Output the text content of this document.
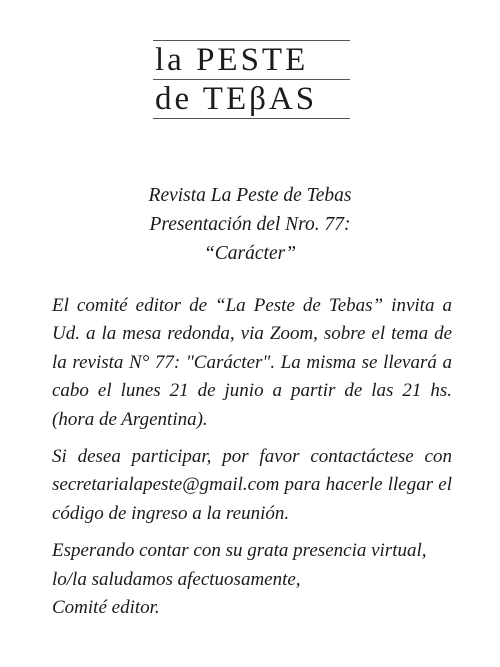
la PESTE
de TEβAS
Revista La Peste de Tebas
Presentación del Nro. 77:
“Carácter”

El comité editor de “La Peste de Tebas” invita a Ud. a la mesa redonda, via Zoom, sobre el tema de la revista N° 77: "Carácter". La misma se llevará a cabo el lunes 21 de junio a partir de las 21 hs. (hora de Argentina).

Si desea participar, por favor contactáctese con secretarialapeste@gmail.com para hacerle llegar el código de ingreso a la reunión.

Esperando contar con su grata presencia virtual,
lo/la saludamos afectuosamente,
Comité editor.
